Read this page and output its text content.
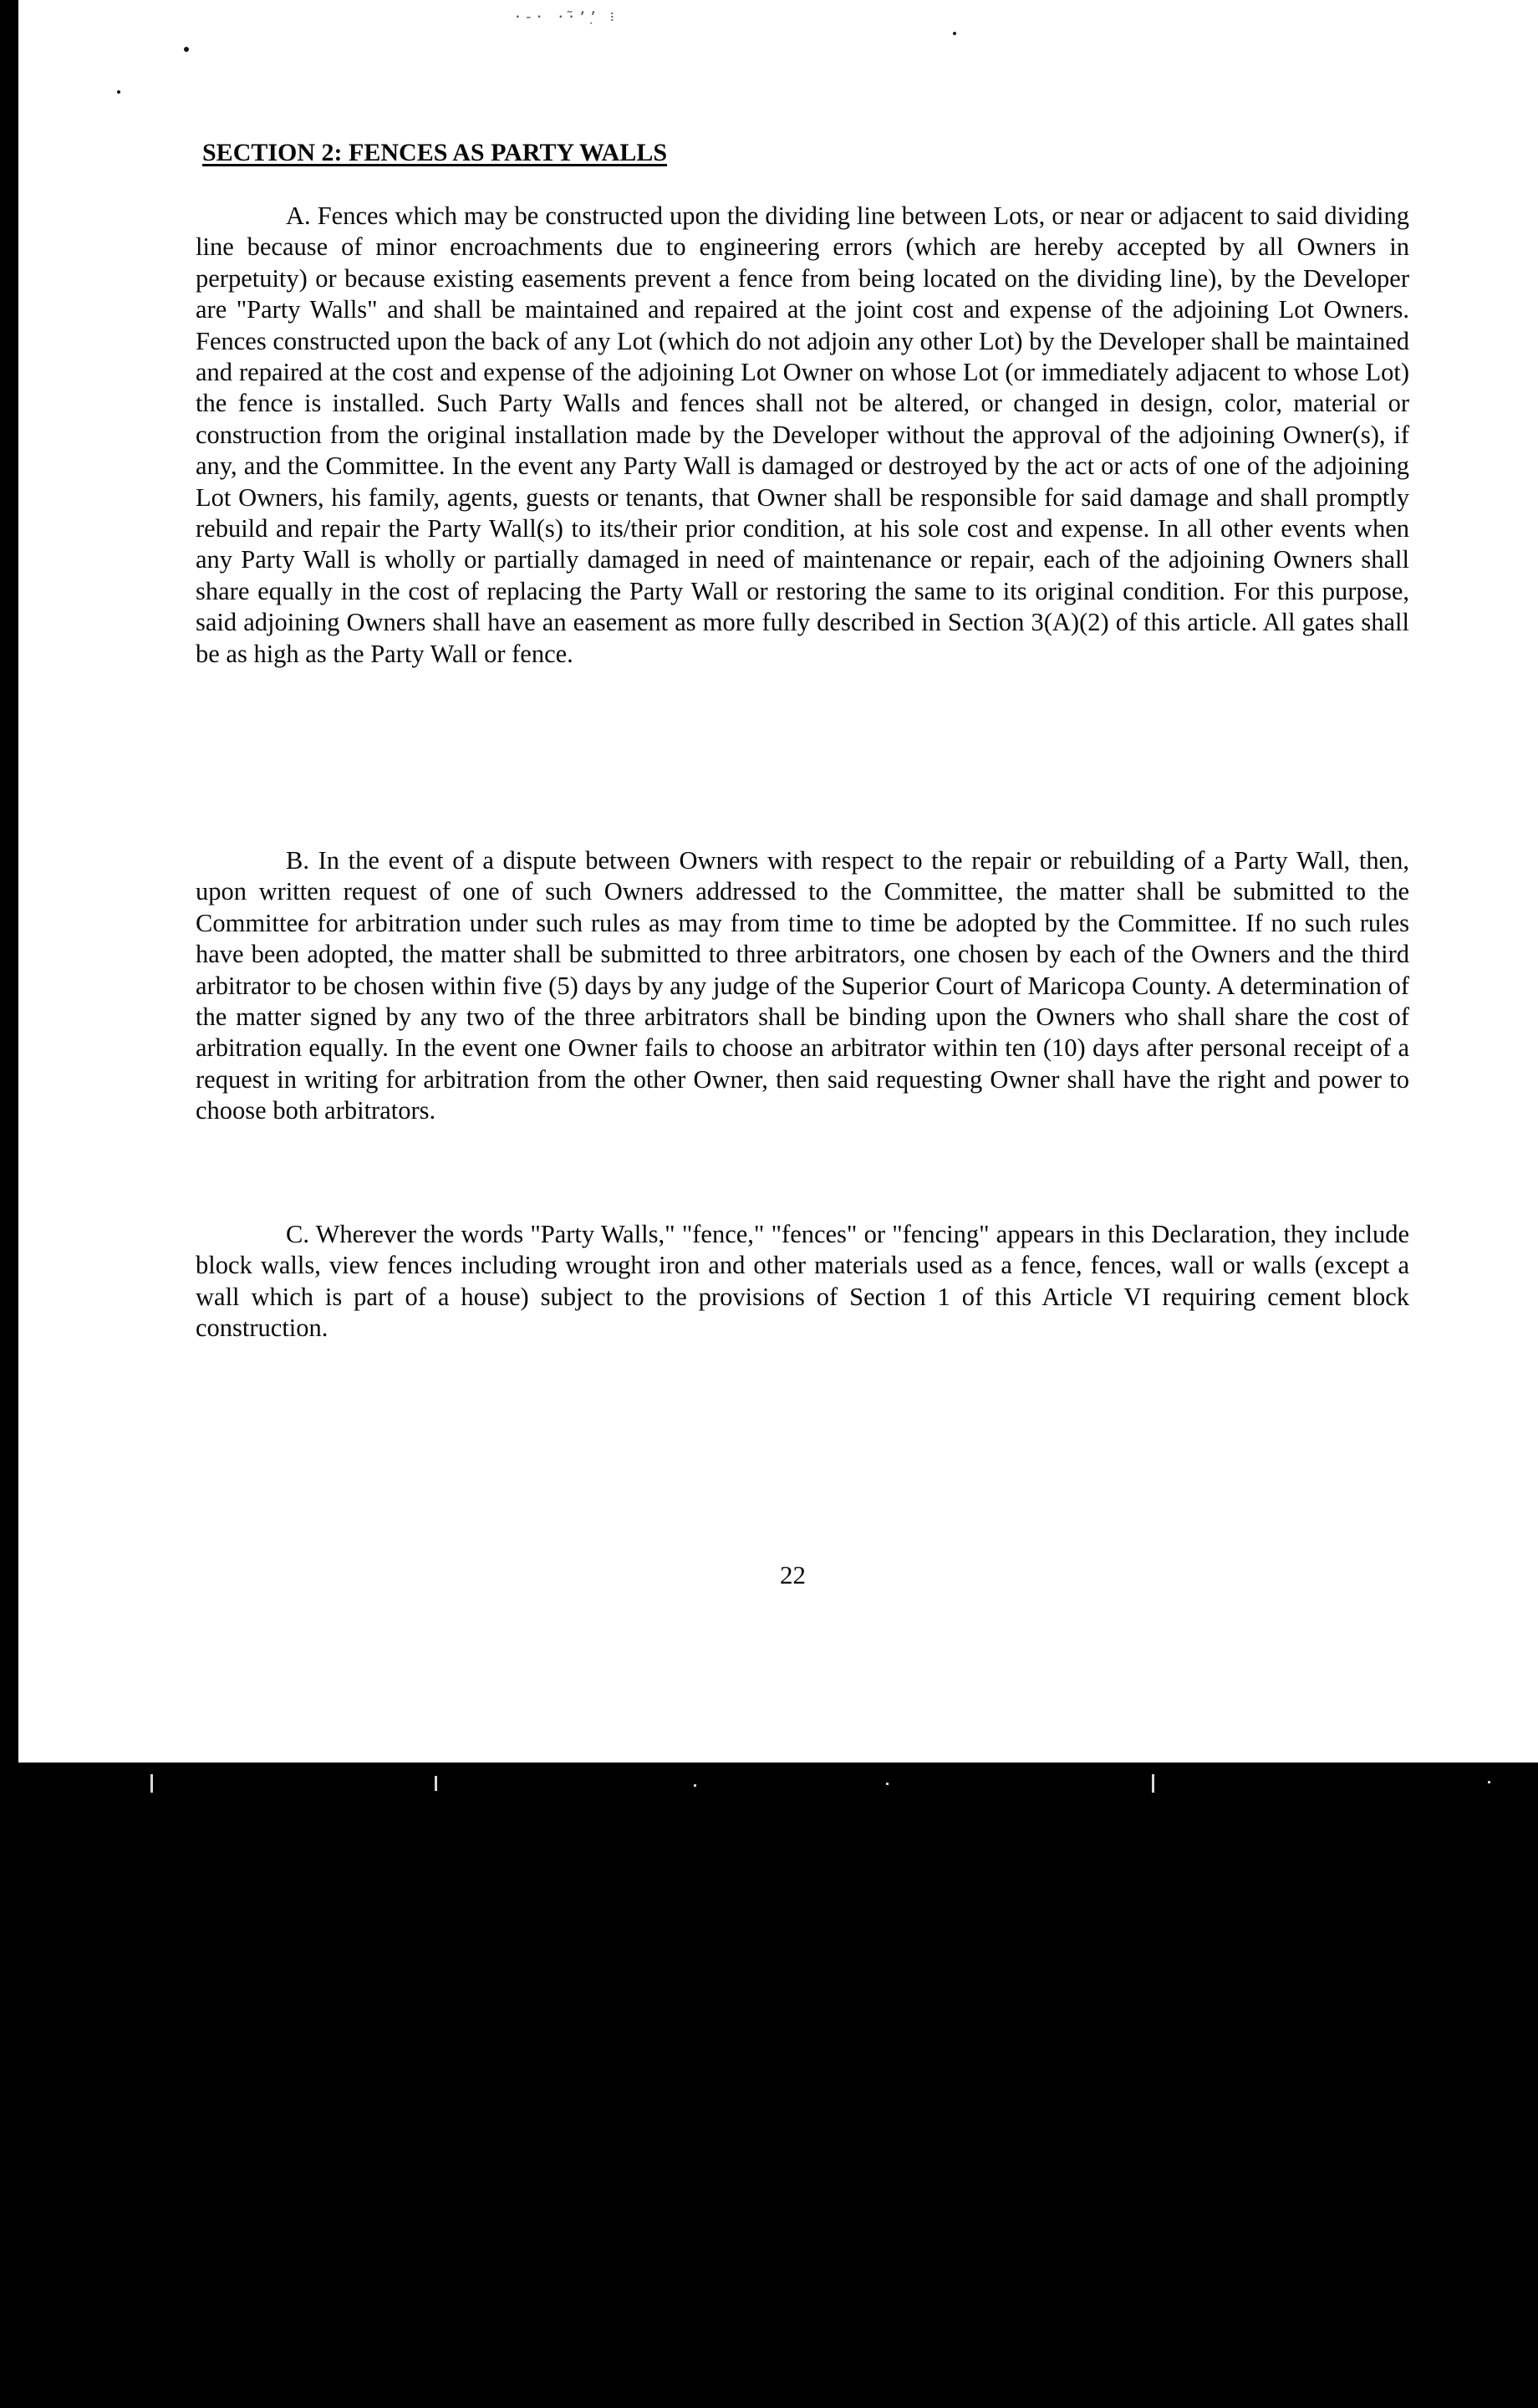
·-· ·̃·ʼ̣ʼ ⁝
SECTION 2: FENCES AS PARTY WALLS

A. Fences which may be constructed upon the dividing line between Lots, or near or adjacent to said dividing line because of minor encroachments due to engineering errors (which are hereby accepted by all Owners in perpetuity) or because existing easements prevent a fence from being located on the dividing line), by the Developer are "Party Walls" and shall be maintained and repaired at the joint cost and expense of the adjoining Lot Owners. Fences constructed upon the back of any Lot (which do not adjoin any other Lot) by the Developer shall be maintained and repaired at the cost and expense of the adjoining Lot Owner on whose Lot (or immediately adjacent to whose Lot) the fence is installed. Such Party Walls and fences shall not be altered, or changed in design, color, material or construction from the original installation made by the Developer without the approval of the adjoining Owner(s), if any, and the Committee. In the event any Party Wall is damaged or destroyed by the act or acts of one of the adjoining Lot Owners, his family, agents, guests or tenants, that Owner shall be responsible for said damage and shall promptly rebuild and repair the Party Wall(s) to its/their prior condition, at his sole cost and expense. In all other events when any Party Wall is wholly or partially damaged in need of maintenance or repair, each of the adjoining Owners shall share equally in the cost of replacing the Party Wall or restoring the same to its original condition. For this purpose, said adjoining Owners shall have an easement as more fully described in Section 3(A)(2) of this article. All gates shall be as high as the Party Wall or fence.

B. In the event of a dispute between Owners with respect to the repair or rebuilding of a Party Wall, then, upon written request of one of such Owners addressed to the Committee, the matter shall be submitted to the Committee for arbitration under such rules as may from time to time be adopted by the Committee. If no such rules have been adopted, the matter shall be submitted to three arbitrators, one chosen by each of the Owners and the third arbitrator to be chosen within five (5) days by any judge of the Superior Court of Maricopa County. A determination of the matter signed by any two of the three arbitrators shall be binding upon the Owners who shall share the cost of arbitration equally. In the event one Owner fails to choose an arbitrator within ten (10) days after personal receipt of a request in writing for arbitration from the other Owner, then said requesting Owner shall have the right and power to choose both arbitrators.

C. Wherever the words "Party Walls," "fence," "fences" or "fencing" appears in this Declaration, they include block walls, view fences including wrought iron and other materials used as a fence, fences, wall or walls (except a wall which is part of a house) subject to the provisions of Section 1 of this Article VI requiring cement block construction.

22
